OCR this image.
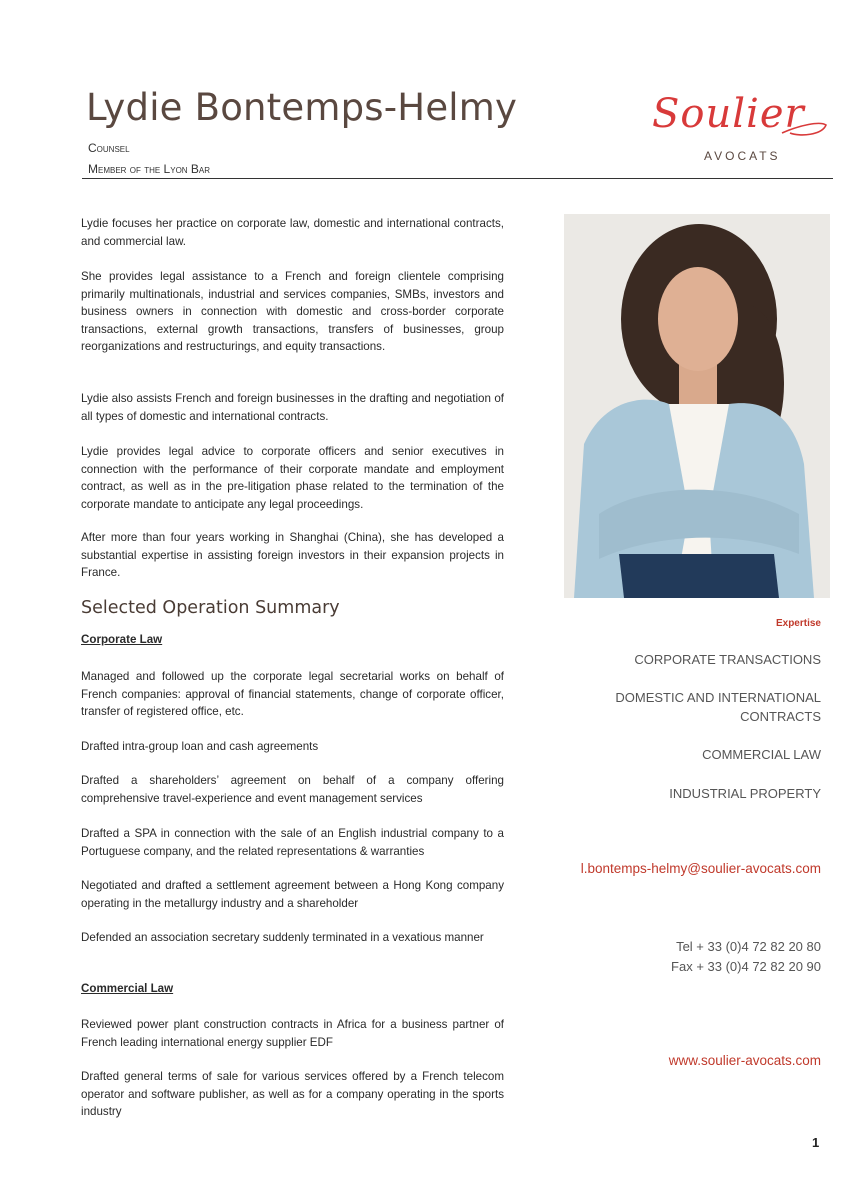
Lydie Bontemps-Helmy
Counsel
Member of the Lyon Bar
Soulier
AVOCATS

Lydie focuses her practice on corporate law, domestic and international contracts, and commercial law.

She provides legal assistance to a French and foreign clientele comprising primarily multinationals, industrial and services companies, SMBs, investors and business owners in connection with domestic and cross-border corporate transactions, external growth transactions, transfers of businesses, group reorganizations and restructurings, and equity transactions.

Lydie also assists French and foreign businesses in the drafting and negotiation of all types of domestic and international contracts.

Lydie provides legal advice to corporate officers and senior executives in connection with the performance of their corporate mandate and employment contract, as well as in the pre-litigation phase related to the termination of the corporate mandate to anticipate any legal proceedings.

After more than four years working in Shanghai (China), she has developed a substantial expertise in assisting foreign investors in their expansion projects in France.

Selected Operation Summary
Corporate Law

Managed and followed up the corporate legal secretarial works on behalf of French companies: approval of financial statements, change of corporate officer, transfer of registered office, etc.

Drafted intra-group loan and cash agreements

Drafted a shareholders’ agreement on behalf of a company offering comprehensive travel-experience and event management services

Drafted a SPA in connection with the sale of an English industrial company to a Portuguese company, and the related representations & warranties

Negotiated and drafted a settlement agreement between a Hong Kong company operating in the metallurgy industry and a shareholder

Defended an association secretary suddenly terminated in a vexatious manner

Commercial Law

Reviewed power plant construction contracts in Africa for a business partner of French leading international energy supplier EDF

Drafted general terms of sale for various services offered by a French telecom operator and software publisher, as well as for a company operating in the sports industry

Expertise
CORPORATE TRANSACTIONS
DOMESTIC AND INTERNATIONAL
CONTRACTS
COMMERCIAL LAW
INDUSTRIAL PROPERTY
l.bontemps-helmy@soulier-avocats.com
Tel + 33 (0)4 72 82 20 80
Fax + 33 (0)4 72 82 20 90
www.soulier-avocats.com
1
